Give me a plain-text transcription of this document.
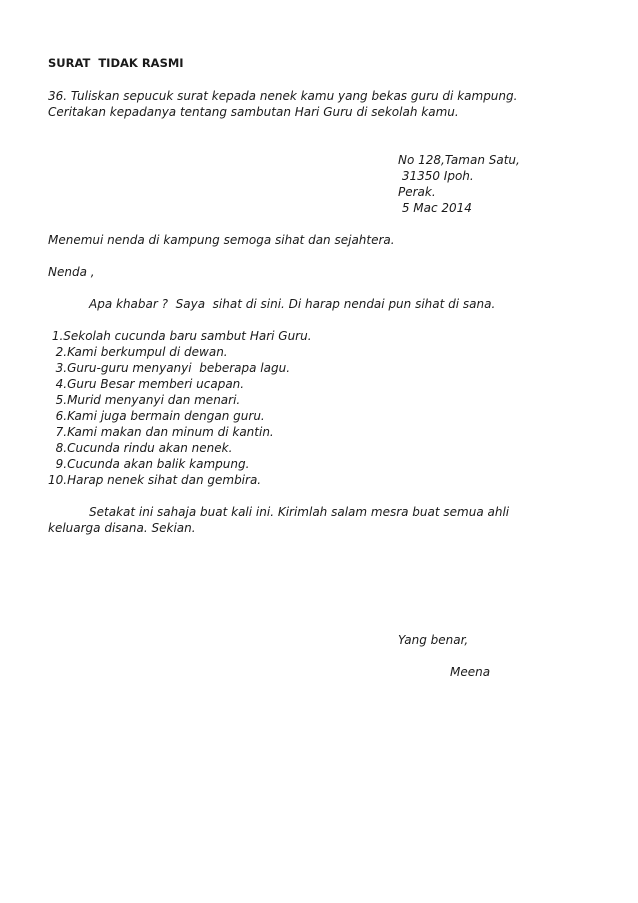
SURAT  TIDAK RASMI
36. Tuliskan sepucuk surat kepada nenek kamu yang bekas guru di kampung.
Ceritakan kepadanya tentang sambutan Hari Guru di sekolah kamu.
No 128,Taman Satu,
31350 Ipoh.
Perak.
5 Mac 2014
Menemui nenda di kampung semoga sihat dan sejahtera.
Nenda ,
Apa khabar ?  Saya  sihat di sini. Di harap nendai pun sihat di sana.
1.Sekolah cucunda baru sambut Hari Guru.
2.Kami berkumpul di dewan.
3.Guru-guru menyanyi  beberapa lagu.
4.Guru Besar memberi ucapan.
5.Murid menyanyi dan menari.
6.Kami juga bermain dengan guru.
7.Kami makan dan minum di kantin.
8.Cucunda rindu akan nenek.
9.Cucunda akan balik kampung.
10.Harap nenek sihat dan gembira.
Setakat ini sahaja buat kali ini. Kirimlah salam mesra buat semua ahli
keluarga disana. Sekian.
Yang benar,
Meena
